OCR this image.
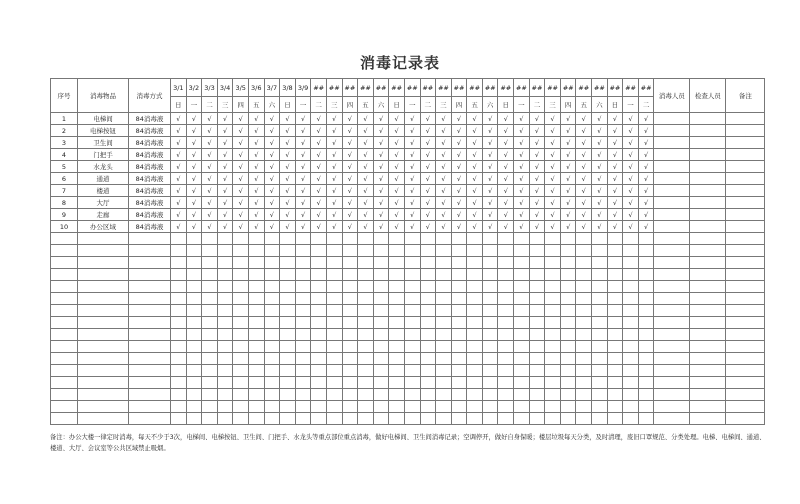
消毒记录表
序号	消毒物品	消毒方式	3/1	3/2	3/3	3/4	3/5	3/6	3/7	3/8	3/9	##	##	##	##	##	##	##	##	##	##	##	##	##	##	##	##	##	##	##	##	##	##	消毒人员	检查人员	备注
			日	一	二	三	四	五	六	日	一	二	三	四	五	六	日	一	二	三	四	五	六	日	一	二	三	四	五	六	日	一	二			
1	电梯间	84消毒液	√	√	√	√	√	√	√	√	√	√	√	√	√	√	√	√	√	√	√	√	√	√	√	√	√	√	√	√	√	√	√			
2	电梯按钮	84消毒液	√	√	√	√	√	√	√	√	√	√	√	√	√	√	√	√	√	√	√	√	√	√	√	√	√	√	√	√	√	√	√			
3	卫生间	84消毒液	√	√	√	√	√	√	√	√	√	√	√	√	√	√	√	√	√	√	√	√	√	√	√	√	√	√	√	√	√	√	√			
4	门把手	84消毒液	√	√	√	√	√	√	√	√	√	√	√	√	√	√	√	√	√	√	√	√	√	√	√	√	√	√	√	√	√	√	√			
5	水龙头	84消毒液	√	√	√	√	√	√	√	√	√	√	√	√	√	√	√	√	√	√	√	√	√	√	√	√	√	√	√	√	√	√	√			
6	通道	84消毒液	√	√	√	√	√	√	√	√	√	√	√	√	√	√	√	√	√	√	√	√	√	√	√	√	√	√	√	√	√	√	√			
7	楼道	84消毒液	√	√	√	√	√	√	√	√	√	√	√	√	√	√	√	√	√	√	√	√	√	√	√	√	√	√	√	√	√	√	√			
8	大厅	84消毒液	√	√	√	√	√	√	√	√	√	√	√	√	√	√	√	√	√	√	√	√	√	√	√	√	√	√	√	√	√	√	√			
9	走廊	84消毒液	√	√	√	√	√	√	√	√	√	√	√	√	√	√	√	√	√	√	√	√	√	√	√	√	√	√	√	√	√	√	√			
10	办公区域	84消毒液	√	√	√	√	√	√	√	√	√	√	√	√	√	√	√	√	√	√	√	√	√	√	√	√	√	√	√	√	√	√	√			

备注：办公大楼一律定时消毒，每天不少于3次，电梯间、电梯按钮、卫生间、门把手、水龙头等重点部位重点消毒，做好电梯间、卫生间消毒记录；空调停开，做好自身保暖；楼层垃圾每天分类，及时清理，废旧口罩规范、分类处理。电梯、电梯间、通道、楼道、大厅、会议室等公共区域禁止吸烟。
